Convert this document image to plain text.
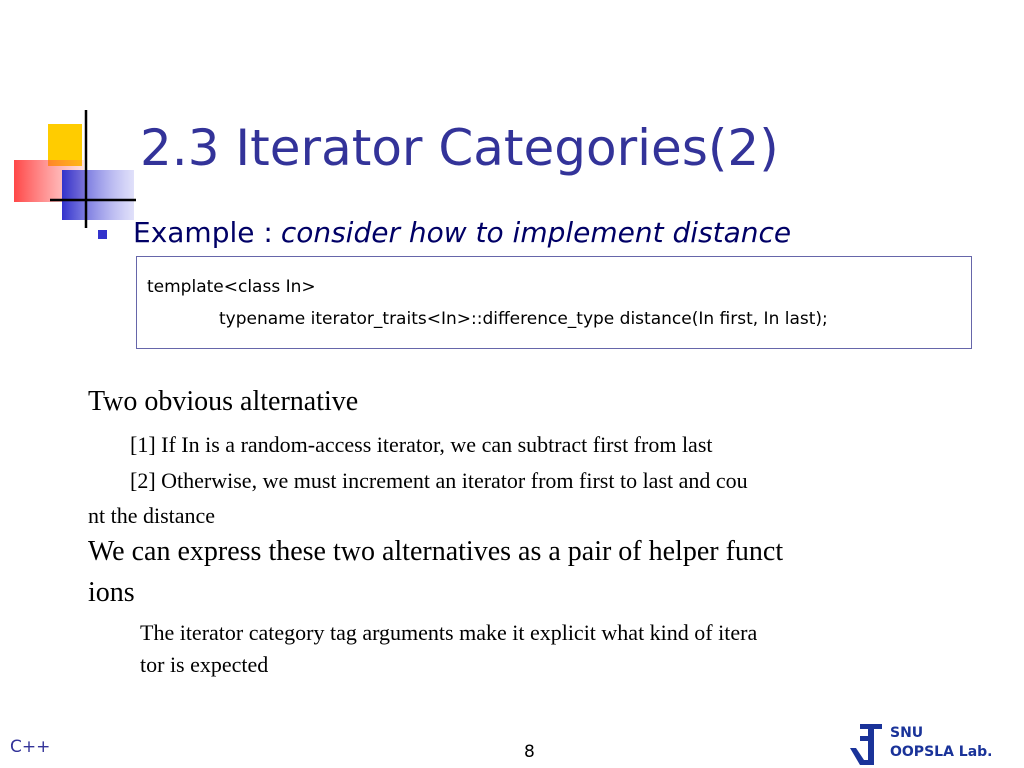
2.3 Iterator Categories(2)
Example : consider how to implement distance
template<class In>
typename iterator_traits<In>::difference_type distance(In first, In last);
Two obvious alternative
[1] If In is a random-access iterator, we can subtract first from last
[2] Otherwise, we must increment an iterator from first to last and cou
nt the distance
We can express these two alternatives as a pair of helper funct
ions
The iterator category tag arguments make it explicit what kind of itera
tor is expected
C++	8
SNU
OOPSLA Lab.
